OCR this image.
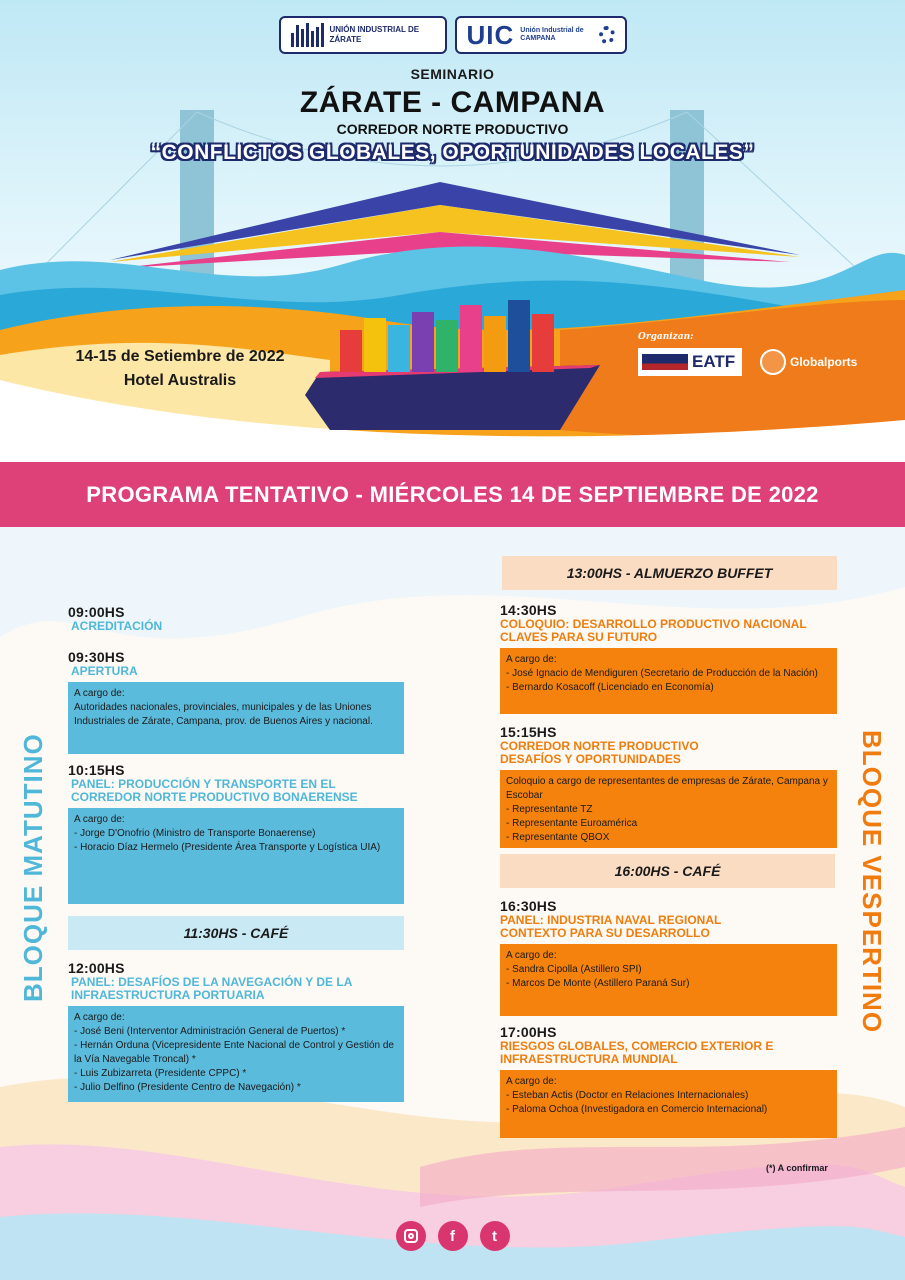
UNIÓN INDUSTRIAL DE ZÁRATE	UIC Unión Industrial de CAMPANA
SEMINARIO
ZÁRATE - CAMPANA
CORREDOR NORTE PRODUCTIVO
“CONFLICTOS GLOBALES, OPORTUNIDADES LOCALES”
14-15 de Setiembre de 2022
Hotel Australis
Organizan:
EATF	Globalports
PROGRAMA TENTATIVO - MIÉRCOLES 14 DE SEPTIEMBRE DE 2022
BLOQUE MATUTINO	BLOQUE VESPERTINO
09:00HS
ACREDITACIÓN
09:30HS
APERTURA

A cargo de:
Autoridades nacionales, provinciales, municipales y de las Uniones Industriales de Zárate, Campana, prov. de Buenos Aires y nacional.

10:15HS
PANEL: PRODUCCIÓN Y TRANSPORTE EN EL CORREDOR NORTE PRODUCTIVO BONAERENSE

A cargo de:
- Jorge D'Onofrio (Ministro de Transporte Bonaerense)
- Horacio Díaz Hermelo (Presidente Área Transporte y Logística UIA)

11:30HS - CAFÉ
12:00HS
PANEL: DESAFÍOS DE LA NAVEGACIÓN Y DE LA INFRAESTRUCTURA PORTUARIA

A cargo de:
- José Beni (Interventor Administración General de Puertos) *
- Hernán Orduna (Vicepresidente Ente Nacional de Control y Gestión de la Vía Navegable Troncal) *
- Luis Zubizarreta (Presidente CPPC) *
- Julio Delfino (Presidente Centro de Navegación) *

13:00HS - ALMUERZO BUFFET
14:30HS
COLOQUIO: DESARROLLO PRODUCTIVO NACIONAL CLAVES PARA SU FUTURO

A cargo de:
- José Ignacio de Mendiguren (Secretario de Producción de la Nación)
- Bernardo Kosacoff (Licenciado en Economía)

15:15HS
CORREDOR NORTE PRODUCTIVO DESAFÍOS Y OPORTUNIDADES

Coloquio a cargo de representantes de empresas de Zárate, Campana y Escobar
- Representante TZ
- Representante Euroamérica
- Representante QBOX

16:00HS - CAFÉ
16:30HS
PANEL: INDUSTRIA NAVAL REGIONAL CONTEXTO PARA SU DESARROLLO

A cargo de:
- Sandra Cipolla (Astillero SPI)
- Marcos De Monte (Astillero Paraná Sur)

17:00HS
RIESGOS GLOBALES, COMERCIO EXTERIOR E INFRAESTRUCTURA MUNDIAL

A cargo de:
- Esteban Actis (Doctor en Relaciones Internacionales)
- Paloma Ochoa (Investigadora en Comercio Internacional)

(*) A confirmar
f t
